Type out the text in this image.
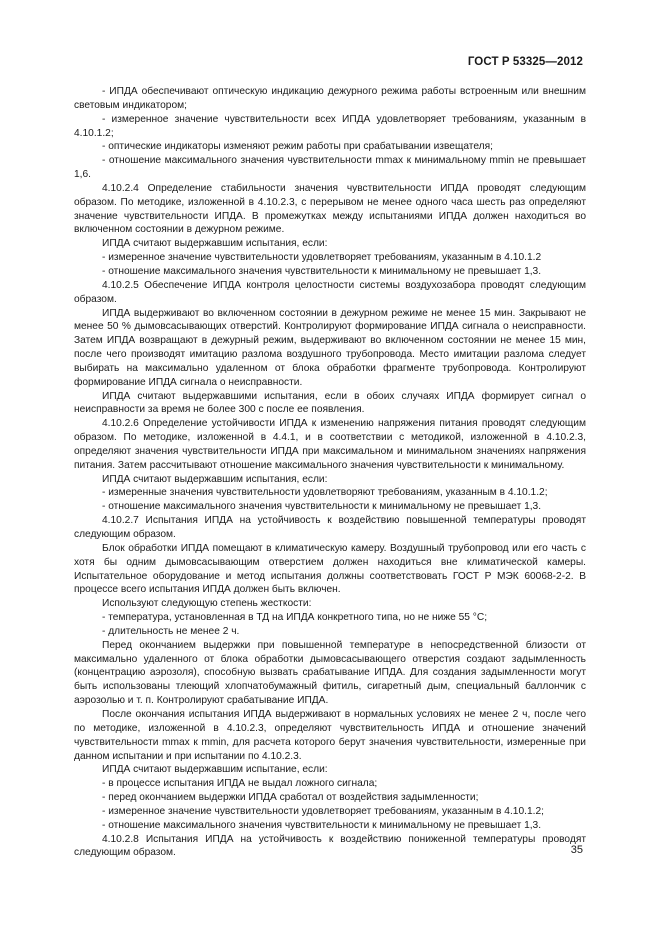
ГОСТ Р 53325—2012

- ИПДА обеспечивают оптическую индикацию дежурного режима работы встроенным или внешним световым индикатором;

- измеренное значение чувствительности всех ИПДА удовлетворяет требованиям, указанным в 4.10.1.2;

- оптические индикаторы изменяют режим работы при срабатывании извещателя;

- отношение максимального значения чувствительности mmax к минимальному mmin не превышает 1,6.

4.10.2.4 Определение стабильности значения чувствительности ИПДА проводят следующим образом. По методике, изложенной в 4.10.2.3, с перерывом не менее одного часа шесть раз определяют значение чувствительности ИПДА. В промежутках между испытаниями ИПДА должен находиться во включенном состоянии в дежурном режиме.

ИПДА считают выдержавшим испытания, если:

- измеренное значение чувствительности удовлетворяет требованиям, указанным в 4.10.1.2

- отношение максимального значения чувствительности к минимальному не превышает 1,3.

4.10.2.5 Обеспечение ИПДА контроля целостности системы воздухозабора проводят следующим образом.

ИПДА выдерживают во включенном состоянии в дежурном режиме не менее 15 мин. Закрывают не менее 50 % дымовсасывающих отверстий. Контролируют формирование ИПДА сигнала о неисправности. Затем ИПДА возвращают в дежурный режим, выдерживают во включенном состоянии не менее 15 мин, после чего производят имитацию разлома воздушного трубопровода. Место имитации разлома следует выбирать на максимально удаленном от блока обработки фрагменте трубопровода. Контролируют формирование ИПДА сигнала о неисправности.

ИПДА считают выдержавшими испытания, если в обоих случаях ИПДА формирует сигнал о неисправности за время не более 300 с после ее появления.

4.10.2.6 Определение устойчивости ИПДА к изменению напряжения питания проводят следующим образом. По методике, изложенной в 4.4.1, и в соответствии с методикой, изложенной в 4.10.2.3, определяют значения чувствительности ИПДА при максимальном и минимальном значениях напряжения питания. Затем рассчитывают отношение максимального значения чувствительности к минимальному.

ИПДА считают выдержавшим испытания, если:

- измеренные значения чувствительности удовлетворяют требованиям, указанным в 4.10.1.2;

- отношение максимального значения чувствительности к минимальному не превышает 1,3.

4.10.2.7 Испытания ИПДА на устойчивость к воздействию повышенной температуры проводят следующим образом.

Блок обработки ИПДА помещают в климатическую камеру. Воздушный трубопровод или его часть с хотя бы одним дымовсасывающим отверстием должен находиться вне климатической камеры. Испытательное оборудование и метод испытания должны соответствовать ГОСТ Р МЭК 60068-2-2. В процессе всего испытания ИПДА должен быть включен.

Используют следующую степень жесткости:

- температура, установленная в ТД на ИПДА конкретного типа, но не ниже 55 °С;

- длительность не менее 2 ч.

Перед окончанием выдержки при повышенной температуре в непосредственной близости от максимально удаленного от блока обработки дымовсасывающего отверстия создают задымленность (концентрацию аэрозоля), способную вызвать срабатывание ИПДА. Для создания задымленности могут быть использованы тлеющий хлопчатобумажный фитиль, сигаретный дым, специальный баллончик с аэрозолью и т. п. Контролируют срабатывание ИПДА.

После окончания испытания ИПДА выдерживают в нормальных условиях не менее 2 ч, после чего по методике, изложенной в 4.10.2.3, определяют чувствительность ИПДА и отношение значений чувствительности mmax к mmin, для расчета которого берут значения чувствительности, измеренные при данном испытании и при испытании по 4.10.2.3.

ИПДА считают выдержавшим испытание, если:

- в процессе испытания ИПДА не выдал ложного сигнала;

- перед окончанием выдержки ИПДА сработал от воздействия задымленности;

- измеренное значение чувствительности удовлетворяет требованиям, указанным в 4.10.1.2;

- отношение максимального значения чувствительности к минимальному не превышает 1,3.

4.10.2.8 Испытания ИПДА на устойчивость к воздействию пониженной температуры проводят следующим образом.	35
